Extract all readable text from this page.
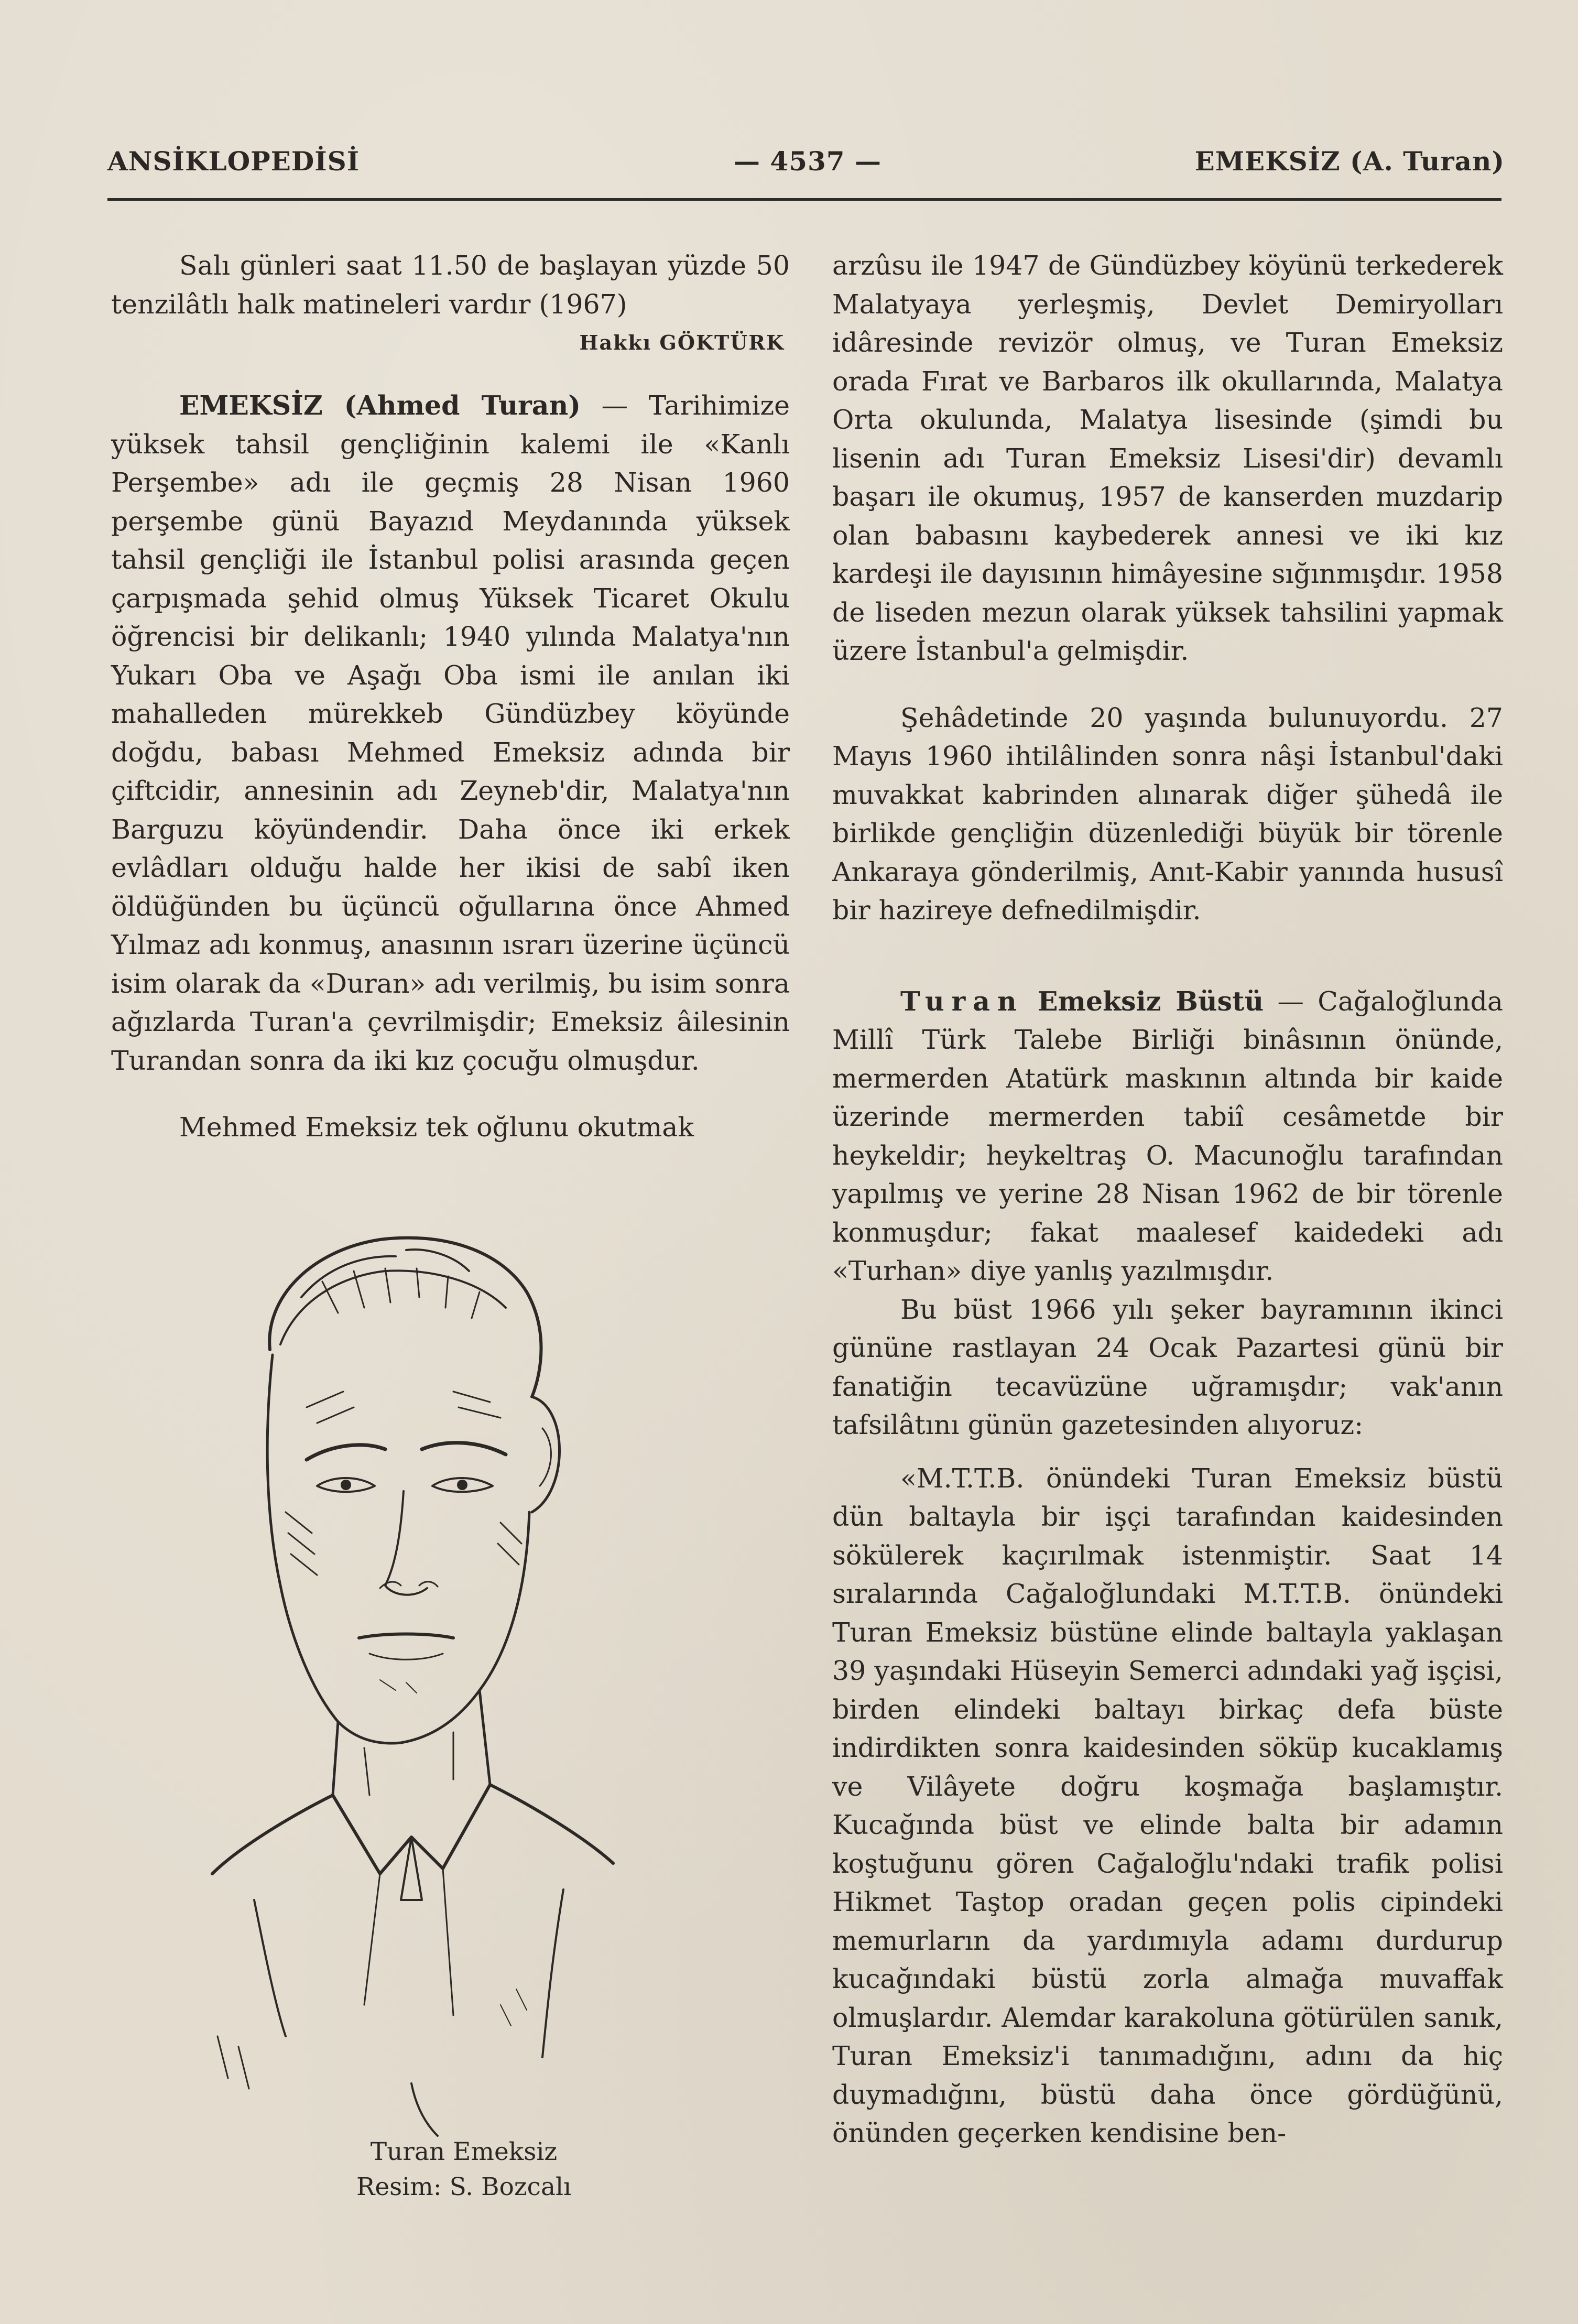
ANSİKLOPEDİSİ	— 4537 —	EMEKSİZ (A. Turan)

Salı günleri saat 11.50 de başlayan yüzde 50 tenzilâtlı halk matineleri vardır (1967)

Hakkı GÖKTÜRK

EMEKSİZ (Ahmed Turan) — Tarihimize yüksek tahsil gençliğinin kalemi ile «Kanlı Perşembe» adı ile geçmiş 28 Nisan 1960 perşembe günü Bayazıd Meydanında yüksek tahsil gençliği ile İstanbul polisi arasında geçen çarpışmada şehid olmuş Yüksek Ticaret Okulu öğrencisi bir delikanlı; 1940 yılında Malatya'nın Yukarı Oba ve Aşağı Oba ismi ile anılan iki mahalleden mürekkeb Gündüzbey köyünde doğdu, babası Mehmed Emeksiz adında bir çiftcidir, annesinin adı Zeyneb'dir, Malatya'nın Barguzu köyündendir. Daha önce iki erkek evlâdları olduğu halde her ikisi de sabî iken öldüğünden bu üçüncü oğullarına önce Ahmed Yılmaz adı konmuş, anasının ısrarı üzerine üçüncü isim olarak da «Duran» adı verilmiş, bu isim sonra ağızlarda Turan'a çevrilmişdir; Emeksiz âilesinin Turandan sonra da iki kız çocuğu olmuşdur.

Mehmed Emeksiz tek oğlunu okutmak

Turan Emeksiz
Resim: S. Bozcalı

arzûsu ile 1947 de Gündüzbey köyünü terkederek Malatyaya yerleşmiş, Devlet Demiryolları idâresinde revizör olmuş, ve Turan Emeksiz orada Fırat ve Barbaros ilk okullarında, Malatya Orta okulunda, Malatya lisesinde (şimdi bu lisenin adı Turan Emeksiz Lisesi'dir) devamlı başarı ile okumuş, 1957 de kanserden muzdarip olan babasını kaybederek annesi ve iki kız kardeşi ile dayısının himâyesine sığınmışdır. 1958 de liseden mezun olarak yüksek tahsilini yapmak üzere İstanbul'a gelmişdir.

Şehâdetinde 20 yaşında bulunuyordu. 27 Mayıs 1960 ihtilâlinden sonra nâşi İstanbul'daki muvakkat kabrinden alınarak diğer şühedâ ile birlikde gençliğin düzenlediği büyük bir törenle Ankaraya gönderilmiş, Anıt-Kabir yanında hususî bir hazireye defnedilmişdir.

Turan Emeksiz Büstü — Cağaloğlunda Millî Türk Talebe Birliği binâsının önünde, mermerden Atatürk maskının altında bir kaide üzerinde mermerden tabiî cesâmetde bir heykeldir; heykeltraş O. Macunoğlu tarafından yapılmış ve yerine 28 Nisan 1962 de bir törenle konmuşdur; fakat maalesef kaidedeki adı «Turhan» diye yanlış yazılmışdır.

Bu büst 1966 yılı şeker bayramının ikinci gününe rastlayan 24 Ocak Pazartesi günü bir fanatiğin tecavüzüne uğramışdır; vak'anın tafsilâtını günün gazetesinden alıyoruz:

«M.T.T.B. önündeki Turan Emeksiz büstü dün baltayla bir işçi tarafından kaidesinden sökülerek kaçırılmak istenmiştir. Saat 14 sıralarında Cağaloğlundaki M.T.T.B. önündeki Turan Emeksiz büstüne elinde baltayla yaklaşan 39 yaşındaki Hüseyin Semerci adındaki yağ işçisi, birden elindeki baltayı birkaç defa büste indirdikten sonra kaidesinden söküp kucaklamış ve Vilâyete doğru koşmağa başlamıştır. Kucağında büst ve elinde balta bir adamın koştuğunu gören Cağaloğlu'ndaki trafik polisi Hikmet Taştop oradan geçen polis cipindeki memurların da yardımıyla adamı durdurup kucağındaki büstü zorla almağa muvaffak olmuşlardır. Alemdar karakoluna götürülen sanık, Turan Emeksiz'i tanımadığını, adını da hiç duymadığını, büstü daha önce gördüğünü, önünden geçerken kendisine ben-
